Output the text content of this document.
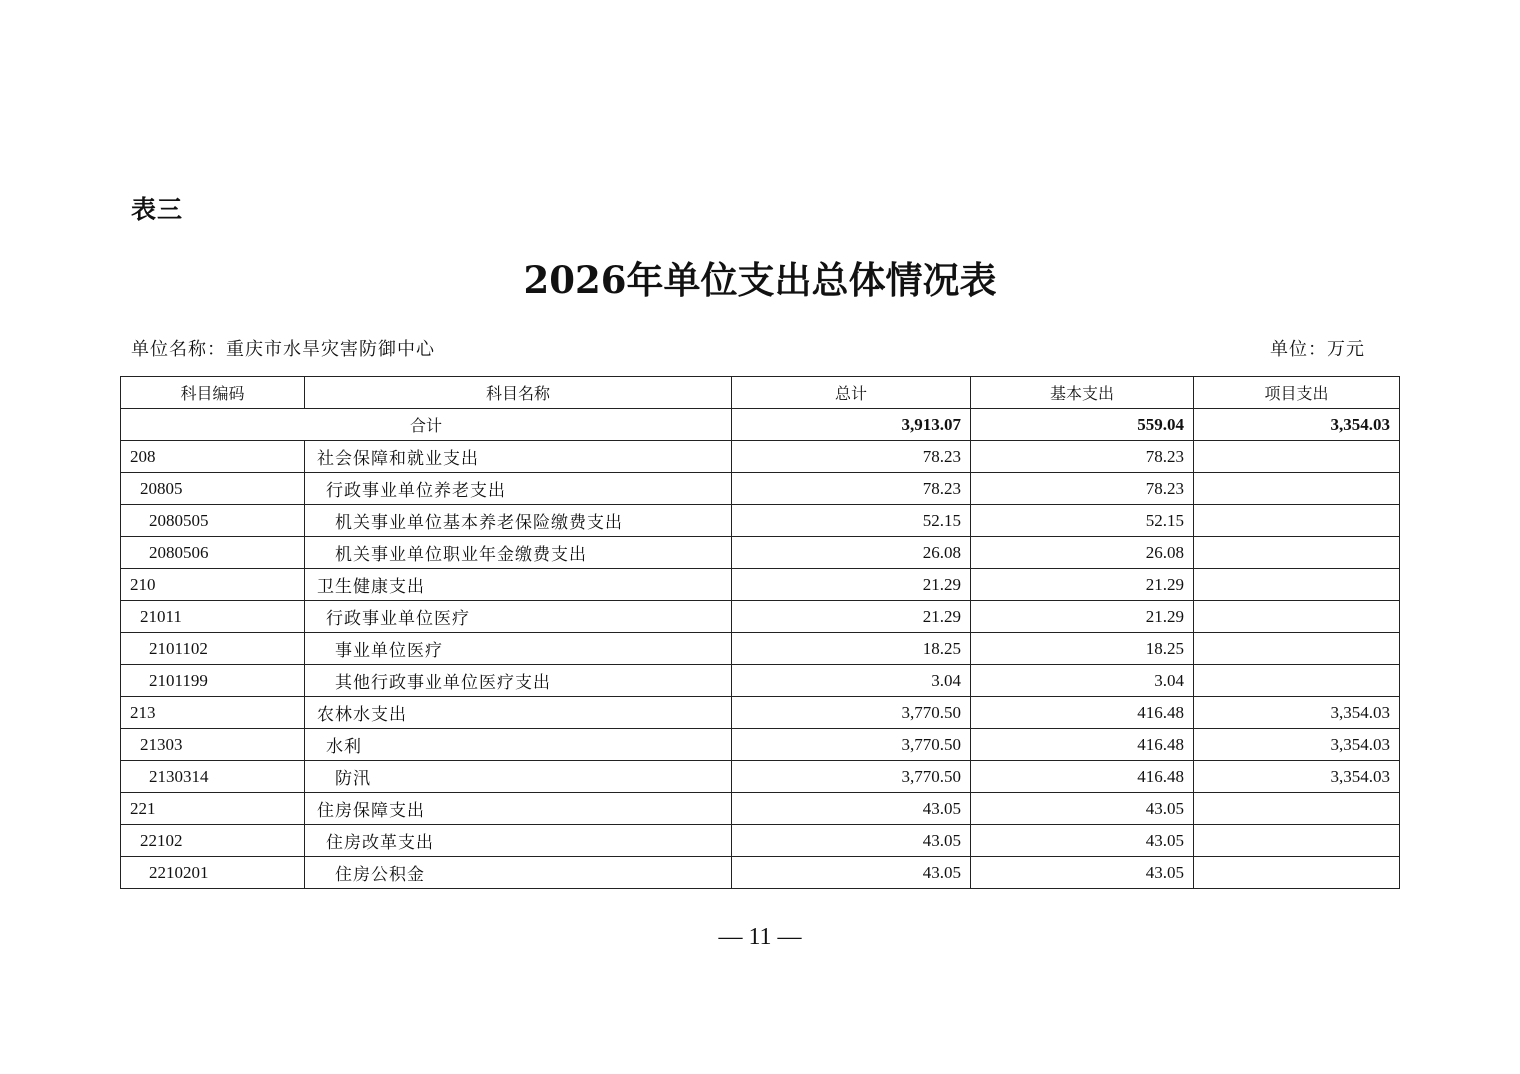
表三
2026年单位支出总体情况表
单位名称：重庆市水旱灾害防御中心	单位：万元
科目编码	科目名称	总计	基本支出	项目支出
合计		3,913.07	559.04	3,354.03
208	社会保障和就业支出	78.23	78.23	
20805	行政事业单位养老支出	78.23	78.23	
2080505	机关事业单位基本养老保险缴费支出	52.15	52.15	
2080506	机关事业单位职业年金缴费支出	26.08	26.08	
210	卫生健康支出	21.29	21.29	
21011	行政事业单位医疗	21.29	21.29	
2101102	事业单位医疗	18.25	18.25	
2101199	其他行政事业单位医疗支出	3.04	3.04	
213	农林水支出	3,770.50	416.48	3,354.03
21303	水利	3,770.50	416.48	3,354.03
2130314	防汛	3,770.50	416.48	3,354.03
221	住房保障支出	43.05	43.05	
22102	住房改革支出	43.05	43.05	
2210201	住房公积金	43.05	43.05	
— 11 —
